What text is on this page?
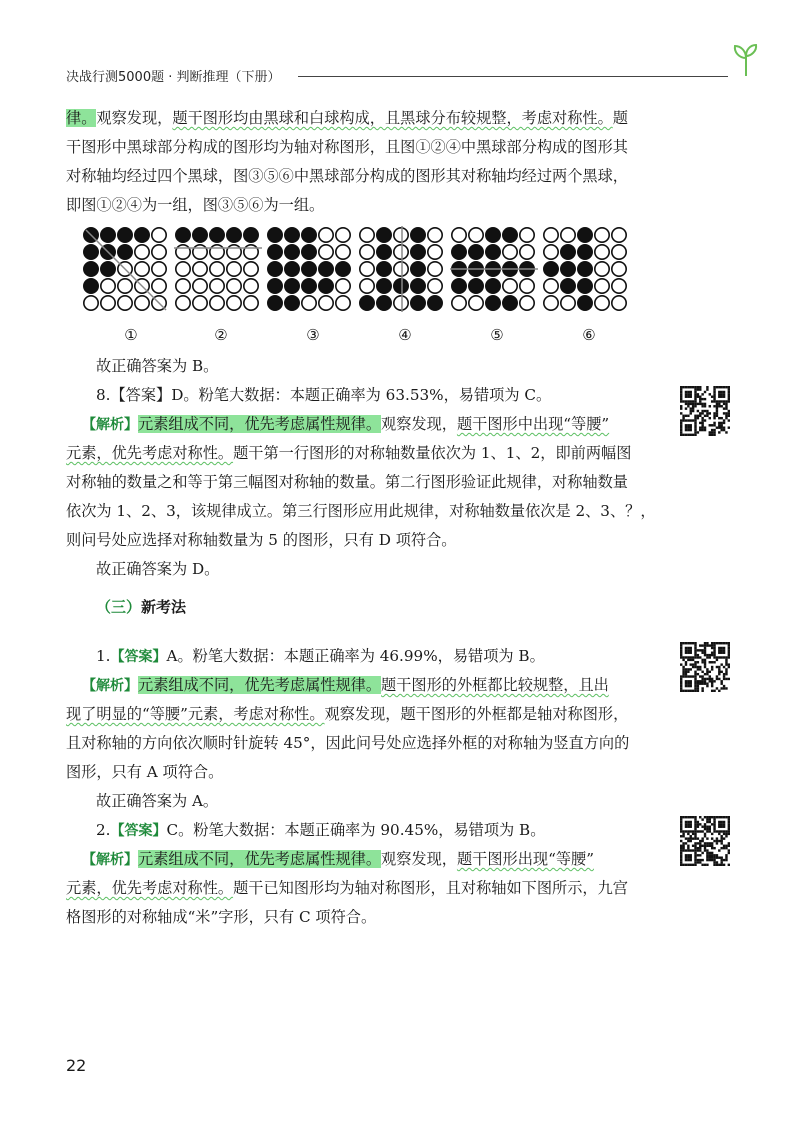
决战行测5000题 · 判断推理（下册）
律。观察发现，题干图形均由黑球和白球构成，且黑球分布较规整，考虑对称性。题
干图形中黑球部分构成的图形均为轴对称图形，且图①②④中黑球部分构成的图形其
对称轴均经过四个黑球，图③⑤⑥中黑球部分构成的图形其对称轴均经过两个黑球，
即图①②④为一组，图③⑤⑥为一组。
①	②	③	④	⑤	⑥
故正确答案为 B。
8.【答案】D。粉笔大数据：本题正确率为 63.53%，易错项为 C。
【解析】元素组成不同，优先考虑属性规律。观察发现，题干图形中出现“等腰”
元素，优先考虑对称性。题干第一行图形的对称轴数量依次为 1、1、2，即前两幅图
对称轴的数量之和等于第三幅图对称轴的数量。第二行图形验证此规律，对称轴数量
依次为 1、2、3，该规律成立。第三行图形应用此规律，对称轴数量依次是 2、3、？，
则问号处应选择对称轴数量为 5 的图形，只有 D 项符合。
故正确答案为 D。
（三）新考法
1.【答案】A。粉笔大数据：本题正确率为 46.99%，易错项为 B。
【解析】元素组成不同，优先考虑属性规律。题干图形的外框都比较规整，且出
现了明显的“等腰”元素，考虑对称性。观察发现，题干图形的外框都是轴对称图形，
且对称轴的方向依次顺时针旋转 45°，因此问号处应选择外框的对称轴为竖直方向的
图形，只有 A 项符合。
故正确答案为 A。
2.【答案】C。粉笔大数据：本题正确率为 90.45%，易错项为 B。
【解析】元素组成不同，优先考虑属性规律。观察发现，题干图形出现“等腰”
元素，优先考虑对称性。题干已知图形均为轴对称图形，且对称轴如下图所示，九宫
格图形的对称轴成“米”字形，只有 C 项符合。
22
